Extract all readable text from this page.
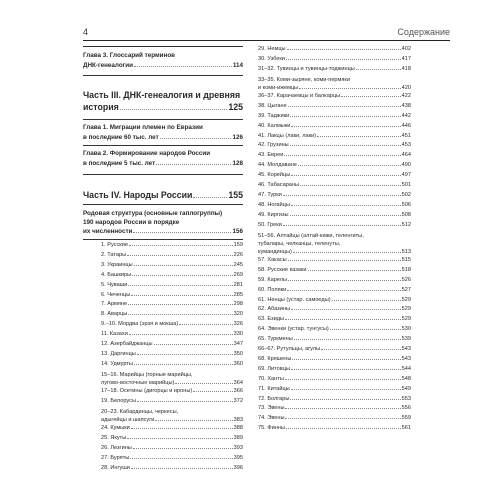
4	Содержание
Глава 3. Глоссарий терминов
ДНК-генеалогии	114
Часть III. ДНК-генеалогия и древняя
история	125
Глава 1. Миграции племен по Евразии
в последние 60 тыс. лет	126
Глава 2. Формирование народов России
в последние 5 тыс. лет	128
Часть IV. Народы России	155
Родовая структура (основные гаплогруппы)
190 народов России в порядке
их численности	156
1. Русские	159
2. Татары	226
3. Украинцы	245
4. Башкиры	269
5. Чуваши	281
6. Чеченцы	285
7. Армяне	298
8. Аварцы	320
9.–10. Мордва (эрзя и мокша)	326
11. Казахи	330
12. Азербайджанцы	347
13. Даргинцы	350
14. Удмурты	360
15–16. Марийцы (горные марийцы,
лугово-восточные марийцы)	364
17–18. Осетины (дигорцы и ироны)	366
19. Белорусы	372
20–23. Кабардинцы, черкесы,
адыгейцы и шапсуги	383
24. Кумыки	388
25. Якуты	389
26. Лезгины	393
27. Буряты	395
28. Ингуши	396
29. Немцы	402
30. Узбеки	417
31–32. Тувинцы и тувинцы-тоджинцы	418
33–35. Коми-зыряне, коми-пермяки
и коми-ижемцы	420
36–37. Карачаевцы и балкарцы	422
38. Цыгане	438
39. Таджики	442
40. Калмыки	446
41. Лакцы (лаки, лаки)	451
42. Грузины	453
43. Евреи	464
44. Молдаване	490
45. Корейцы	497
46. Табасараны	501
47. Турки	502
48. Ногайцы	506
49. Киргизы	508
50. Греки	512
51–56. Алтайцы (алтай-кижи, теленгиты,
тубалары, челканцы, теленуты,
кумандинцы)	513
57. Хакасы	515
58. Русские казаки	518
59. Карелы	526
60. Поляки	527
61. Ненцы (устар. самоеды)	529
62. Абазины	529
63. Езиды	529
64. Эвенки (устар. тунгусы)	530
65. Туркмены	539
66–67. Рутульцы, агулы	543
68. Кряшены	543
69. Литовцы	544
70. Ханты	548
71. Китайцы	549
72. Болгары	553
73. Эвены	556
74. Эвены	559
75. Финны	561
